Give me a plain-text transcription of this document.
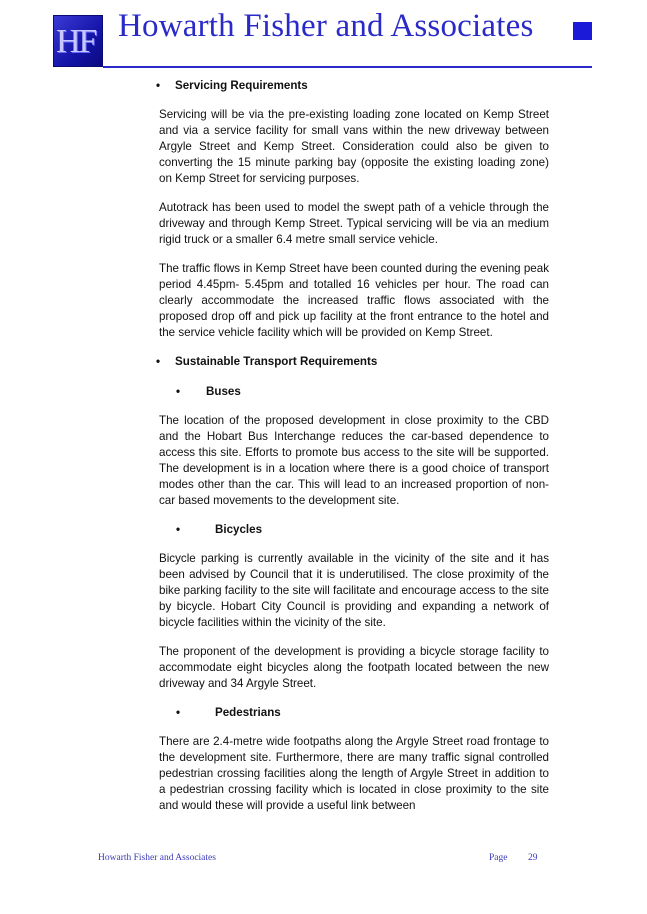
HF Howarth Fisher and Associates
• Servicing Requirements

Servicing will be via the pre-existing loading zone located on Kemp Street and via a service facility for small vans within the new driveway between Argyle Street and Kemp Street. Consideration could also be given to converting the 15 minute parking bay (opposite the existing loading zone) on Kemp Street for servicing purposes.

Autotrack has been used to model the swept path of a vehicle through the driveway and through Kemp Street. Typical servicing will be via an medium rigid truck or a smaller 6.4 metre small service vehicle.

The traffic flows in Kemp Street have been counted during the evening peak period 4.45pm- 5.45pm and totalled 16 vehicles per hour. The road can clearly accommodate the increased traffic flows associated with the proposed drop off and pick up facility at the front entrance to the hotel and the service vehicle facility which will be provided on Kemp Street.

• Sustainable Transport Requirements
• Buses

The location of the proposed development in close proximity to the CBD and the Hobart Bus Interchange reduces the car-based dependence to access this site. Efforts to promote bus access to the site will be supported. The development is in a location where there is a good choice of transport modes other than the car. This will lead to an increased proportion of non-car based movements to the development site.

•	Bicycles

Bicycle parking is currently available in the vicinity of the site and it has been advised by Council that it is underutilised. The close proximity of the bike parking facility to the site will facilitate and encourage access to the site by bicycle. Hobart City Council is providing and expanding a network of bicycle facilities within the vicinity of the site.

The proponent of the development is providing a bicycle storage facility to accommodate eight bicycles along the footpath located between the new driveway and 34 Argyle Street.

•	Pedestrians

There are 2.4-metre wide footpaths along the Argyle Street road frontage to the development site. Furthermore, there are many traffic signal controlled pedestrian crossing facilities along the length of Argyle Street in addition to a pedestrian crossing facility which is located in close proximity to the site and would these will provide a useful link between

Howarth Fisher and Associates	Page 29
